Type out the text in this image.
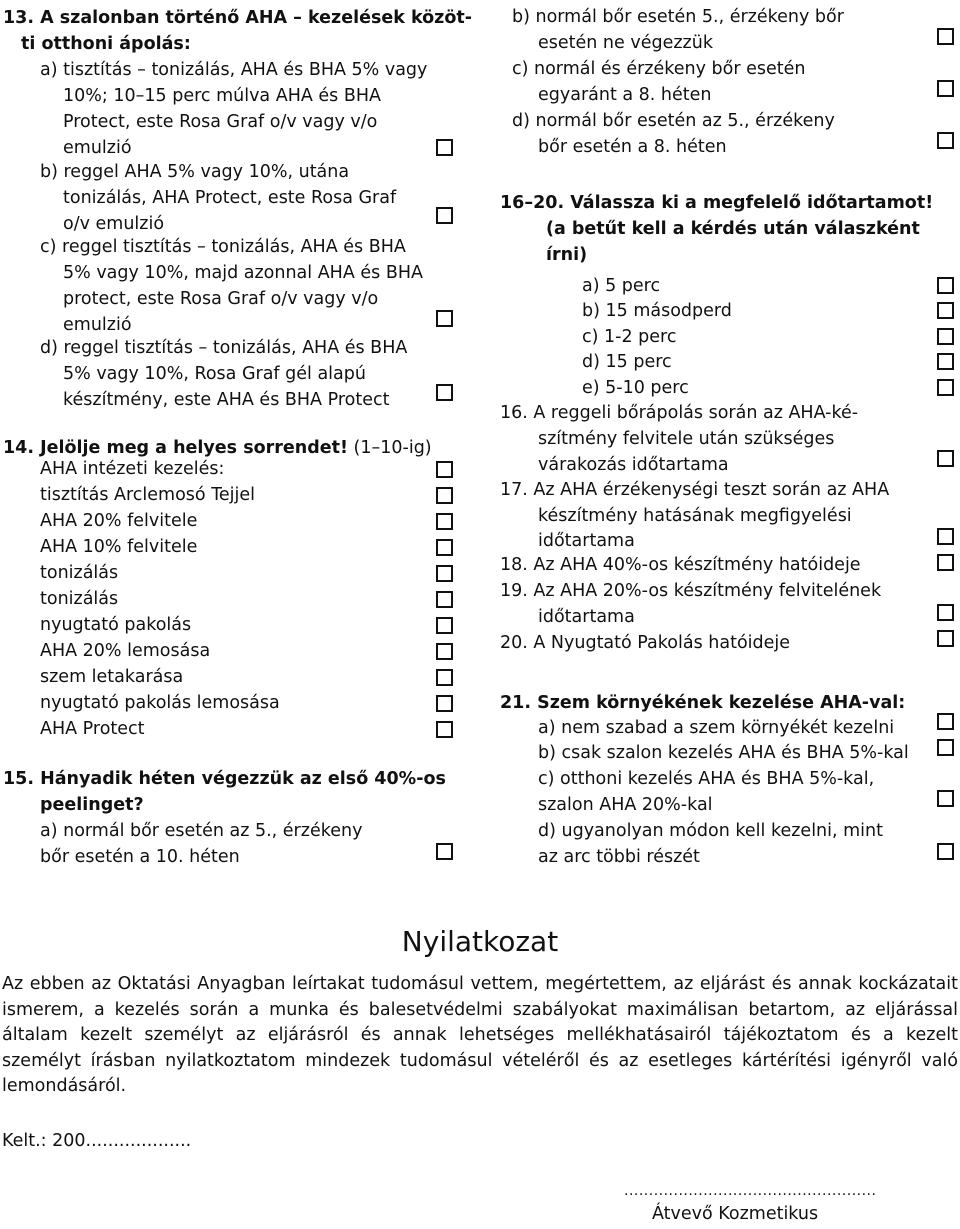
13. A szalonban történő AHA – kezelések közöt-
ti otthoni ápolás:
a) tisztítás – tonizálás, AHA és BHA 5% vagy
10%; 10–15 perc múlva AHA és BHA
Protect, este Rosa Graf o/v vagy v/o
emulzió
b) reggel AHA 5% vagy 10%, utána
tonizálás, AHA Protect, este Rosa Graf
o/v emulzió
c) reggel tisztítás – tonizálás, AHA és BHA
5% vagy 10%, majd azonnal AHA és BHA
protect, este Rosa Graf o/v vagy v/o
emulzió
d) reggel tisztítás – tonizálás, AHA és BHA
5% vagy 10%, Rosa Graf gél alapú
készítmény, este AHA és BHA Protect
14. Jelölje meg a helyes sorrendet! (1–10-ig)
AHA intézeti kezelés:
tisztítás Arclemosó Tejjel
AHA 20% felvitele
AHA 10% felvitele
tonizálás
tonizálás
nyugtató pakolás
AHA 20% lemosása
szem letakarása
nyugtató pakolás lemosása
AHA Protect
15. Hányadik héten végezzük az első 40%-os
peelinget?
a) normál bőr esetén az 5., érzékeny
bőr esetén a 10. héten
b) normál bőr esetén 5., érzékeny bőr
esetén ne végezzük
c) normál és érzékeny bőr esetén
egyaránt a 8. héten
d) normál bőr esetén az 5., érzékeny
bőr esetén a 8. héten
16–20. Válassza ki a megfelelő időtartamot!
(a betűt kell a kérdés után válaszként
írni)
a) 5 perc
b) 15 másodperd
c) 1-2 perc
d) 15 perc
e) 5-10 perc
16. A reggeli bőrápolás során az AHA-ké-
szítmény felvitele után szükséges
várakozás időtartama
17. Az AHA érzékenységi teszt során az AHA
készítmény hatásának megfigyelési
időtartama
18. Az AHA 40%-os készítmény hatóideje
19. Az AHA 20%-os készítmény felvitelének
időtartama
20. A Nyugtató Pakolás hatóideje
21. Szem környékének kezelése AHA-val:
a) nem szabad a szem környékét kezelni
b) csak szalon kezelés AHA és BHA 5%-kal
c) otthoni kezelés AHA és BHA 5%-kal,
szalon AHA 20%-kal
d) ugyanolyan módon kell kezelni, mint
az arc többi részét
Nyilatkozat
Az ebben az Oktatási Anyagban leírtakat tudomásul vettem, megértettem, az eljárást és annak kockázatait ismerem, a kezelés során a munka és balesetvédelmi szabályokat maximálisan betartom, az eljárással általam kezelt személyt az eljárásról és annak lehetséges mellékhatásairól tájékoztatom és a kezelt személyt írásban nyilatkoztatom mindezek tudomásul vételéről és az esetleges kártérítési igényről való lemondásáról.
Kelt.: 200...................
...................................................
Átvevő Kozmetikus
